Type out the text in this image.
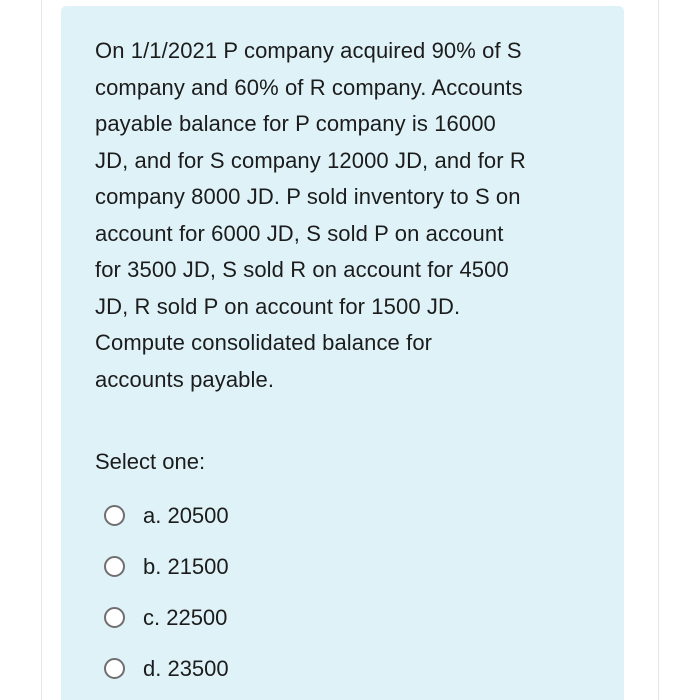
On 1/1/2021 P company acquired 90% of S
company and 60% of R company. Accounts
payable balance for P company is 16000
JD, and for S company 12000 JD, and for R
company 8000 JD. P sold inventory to S on
account for 6000 JD, S sold P on account
for 3500 JD, S sold R on account for 4500
JD, R sold P on account for 1500 JD.
Compute consolidated balance for
accounts payable.

Select one:

a. 20500
b. 21500
c. 22500
d. 23500
